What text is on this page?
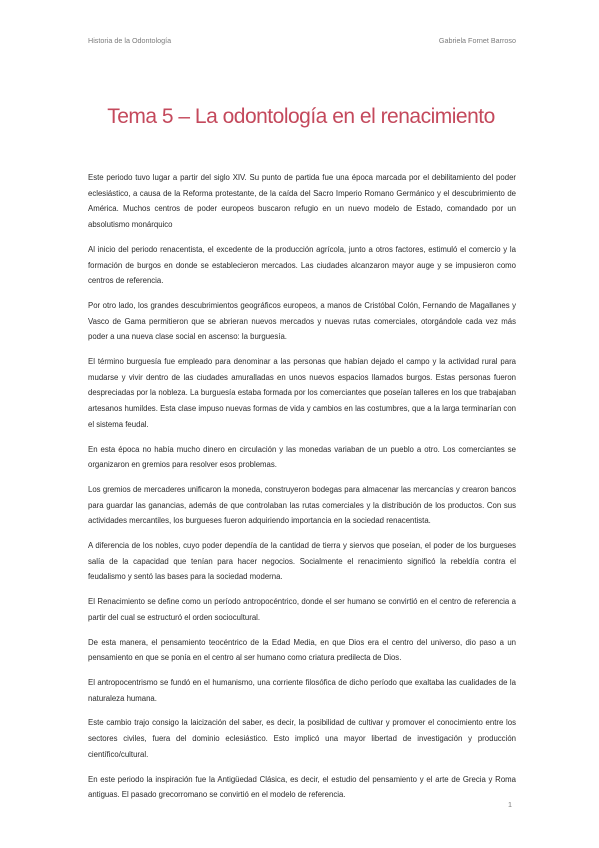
Historia de la Odontología	Gabriela Fornet Barroso
Tema 5 – La odontología en el renacimiento

Este periodo tuvo lugar a partir del siglo XIV. Su punto de partida fue una época marcada por el debilitamiento del poder eclesiástico, a causa de la Reforma protestante, de la caída del Sacro Imperio Romano Germánico y el descubrimiento de América. Muchos centros de poder europeos buscaron refugio en un nuevo modelo de Estado, comandado por un absolutismo monárquico

Al inicio del periodo renacentista, el excedente de la producción agrícola, junto a otros factores, estimuló el comercio y la formación de burgos en donde se establecieron mercados. Las ciudades alcanzaron mayor auge y se impusieron como centros de referencia.

Por otro lado, los grandes descubrimientos geográficos europeos, a manos de Cristóbal Colón, Fernando de Magallanes y Vasco de Gama permitieron que se abrieran nuevos mercados y nuevas rutas comerciales, otorgándole cada vez más poder a una nueva clase social en ascenso: la burguesía.

El término burguesía fue empleado para denominar a las personas que habían dejado el campo y la actividad rural para mudarse y vivir dentro de las ciudades amuralladas en unos nuevos espacios llamados burgos. Estas personas fueron despreciadas por la nobleza. La burguesía estaba formada por los comerciantes que poseían talleres en los que trabajaban artesanos humildes. Esta clase impuso nuevas formas de vida y cambios en las costumbres, que a la larga terminarían con el sistema feudal.

En esta época no había mucho dinero en circulación y las monedas variaban de un pueblo a otro. Los comerciantes se organizaron en gremios para resolver esos problemas.

Los gremios de mercaderes unificaron la moneda, construyeron bodegas para almacenar las mercancías y crearon bancos para guardar las ganancias, además de que controlaban las rutas comerciales y la distribución de los productos. Con sus actividades mercantiles, los burgueses fueron adquiriendo importancia en la sociedad renacentista.

A diferencia de los nobles, cuyo poder dependía de la cantidad de tierra y siervos que poseían, el poder de los burgueses salía de la capacidad que tenían para hacer negocios. Socialmente el renacimiento significó la rebeldía contra el feudalismo y sentó las bases para la sociedad moderna.

El Renacimiento se define como un período antropocéntrico, donde el ser humano se convirtió en el centro de referencia a partir del cual se estructuró el orden sociocultural.

De esta manera, el pensamiento teocéntrico de la Edad Media, en que Dios era el centro del universo, dio paso a un pensamiento en que se ponía en el centro al ser humano como criatura predilecta de Dios.

El antropocentrismo se fundó en el humanismo, una corriente filosófica de dicho período que exaltaba las cualidades de la naturaleza humana.

Este cambio trajo consigo la laicización del saber, es decir, la posibilidad de cultivar y promover el conocimiento entre los sectores civiles, fuera del dominio eclesiástico. Esto implicó una mayor libertad de investigación y producción científico/cultural.

En este periodo la inspiración fue la Antigüedad Clásica, es decir, el estudio del pensamiento y el arte de Grecia y Roma antiguas. El pasado grecorromano se convirtió en el modelo de referencia.

1
